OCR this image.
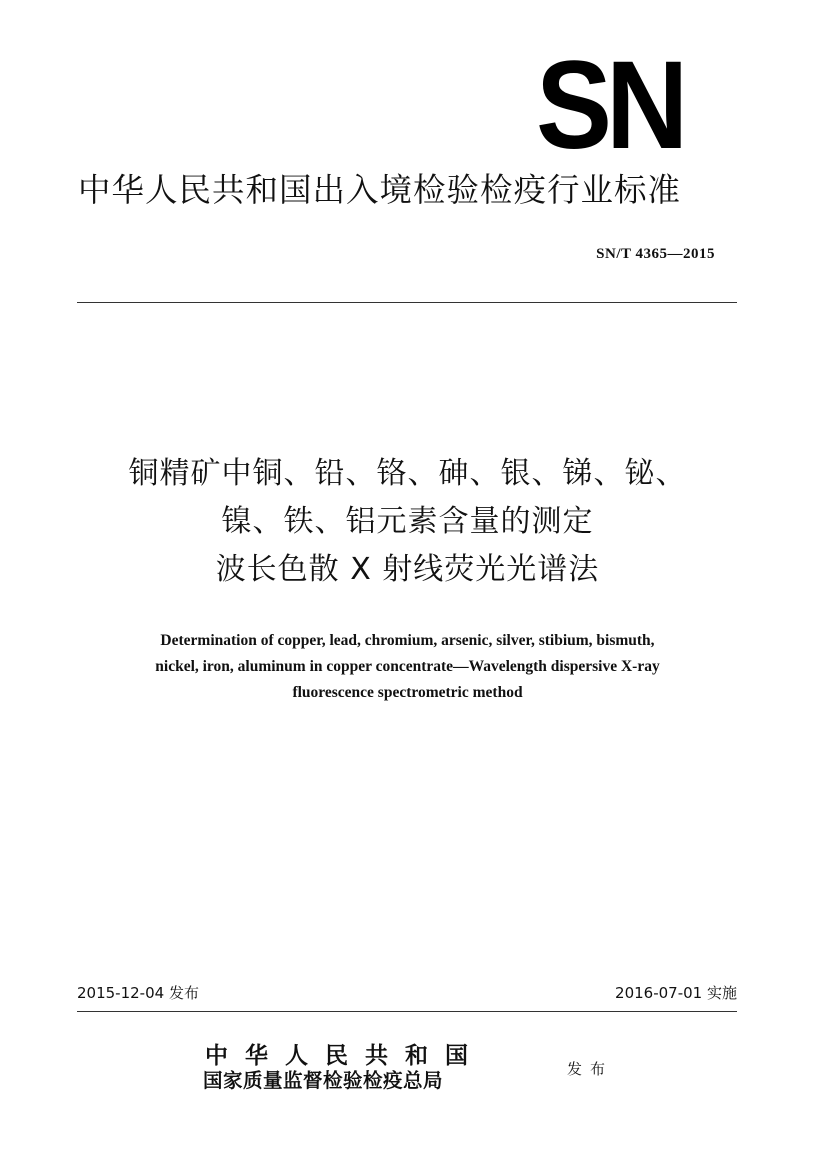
SN
中华人民共和国出入境检验检疫行业标准
SN/T 4365—2015
铜精矿中铜、铅、铬、砷、银、锑、铋、
镍、铁、铝元素含量的测定
波长色散 X 射线荧光光谱法
Determination of copper, lead, chromium, arsenic, silver, stibium, bismuth,
nickel, iron, aluminum in copper concentrate—Wavelength dispersive X-ray
fluorescence spectrometric method
2015-12-04 发布	2016-07-01 实施
中华人民共和国
国家质量监督检验检疫总局	发布
